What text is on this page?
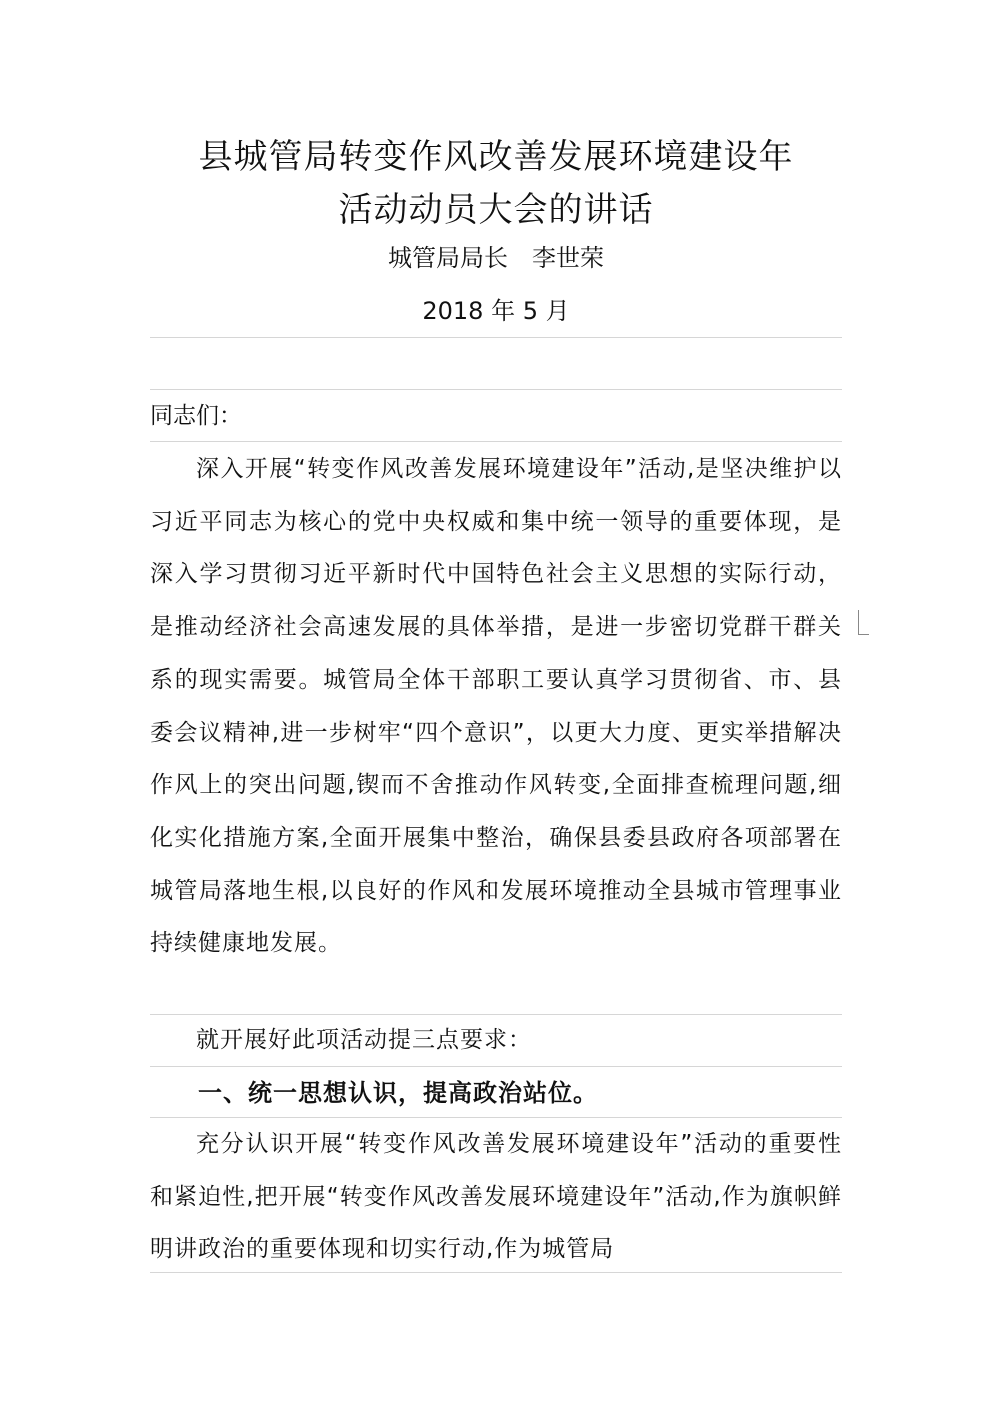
县城管局转变作风改善发展环境建设年
活动动员大会的讲话
城管局局长　李世荣
2018 年 5 月
同志们：

深入开展“转变作风改善发展环境建设年”活动,是坚决维护以习近平同志为核心的党中央权威和集中统一领导的重要体现，是深入学习贯彻习近平新时代中国特色社会主义思想的实际行动，是推动经济社会高速发展的具体举措，是进一步密切党群干群关系的现实需要。城管局全体干部职工要认真学习贯彻省、市、县委会议精神,进一步树牢“四个意识”，以更大力度、更实举措解决作风上的突出问题,锲而不舍推动作风转变,全面排查梳理问题,细化实化措施方案,全面开展集中整治，确保县委县政府各项部署在城管局落地生根,以良好的作风和发展环境推动全县城市管理事业持续健康地发展。

就开展好此项活动提三点要求：
一、统一思想认识，提高政治站位。

充分认识开展“转变作风改善发展环境建设年”活动的重要性和紧迫性,把开展“转变作风改善发展环境建设年”活动,作为旗帜鲜明讲政治的重要体现和切实行动,作为城管局
